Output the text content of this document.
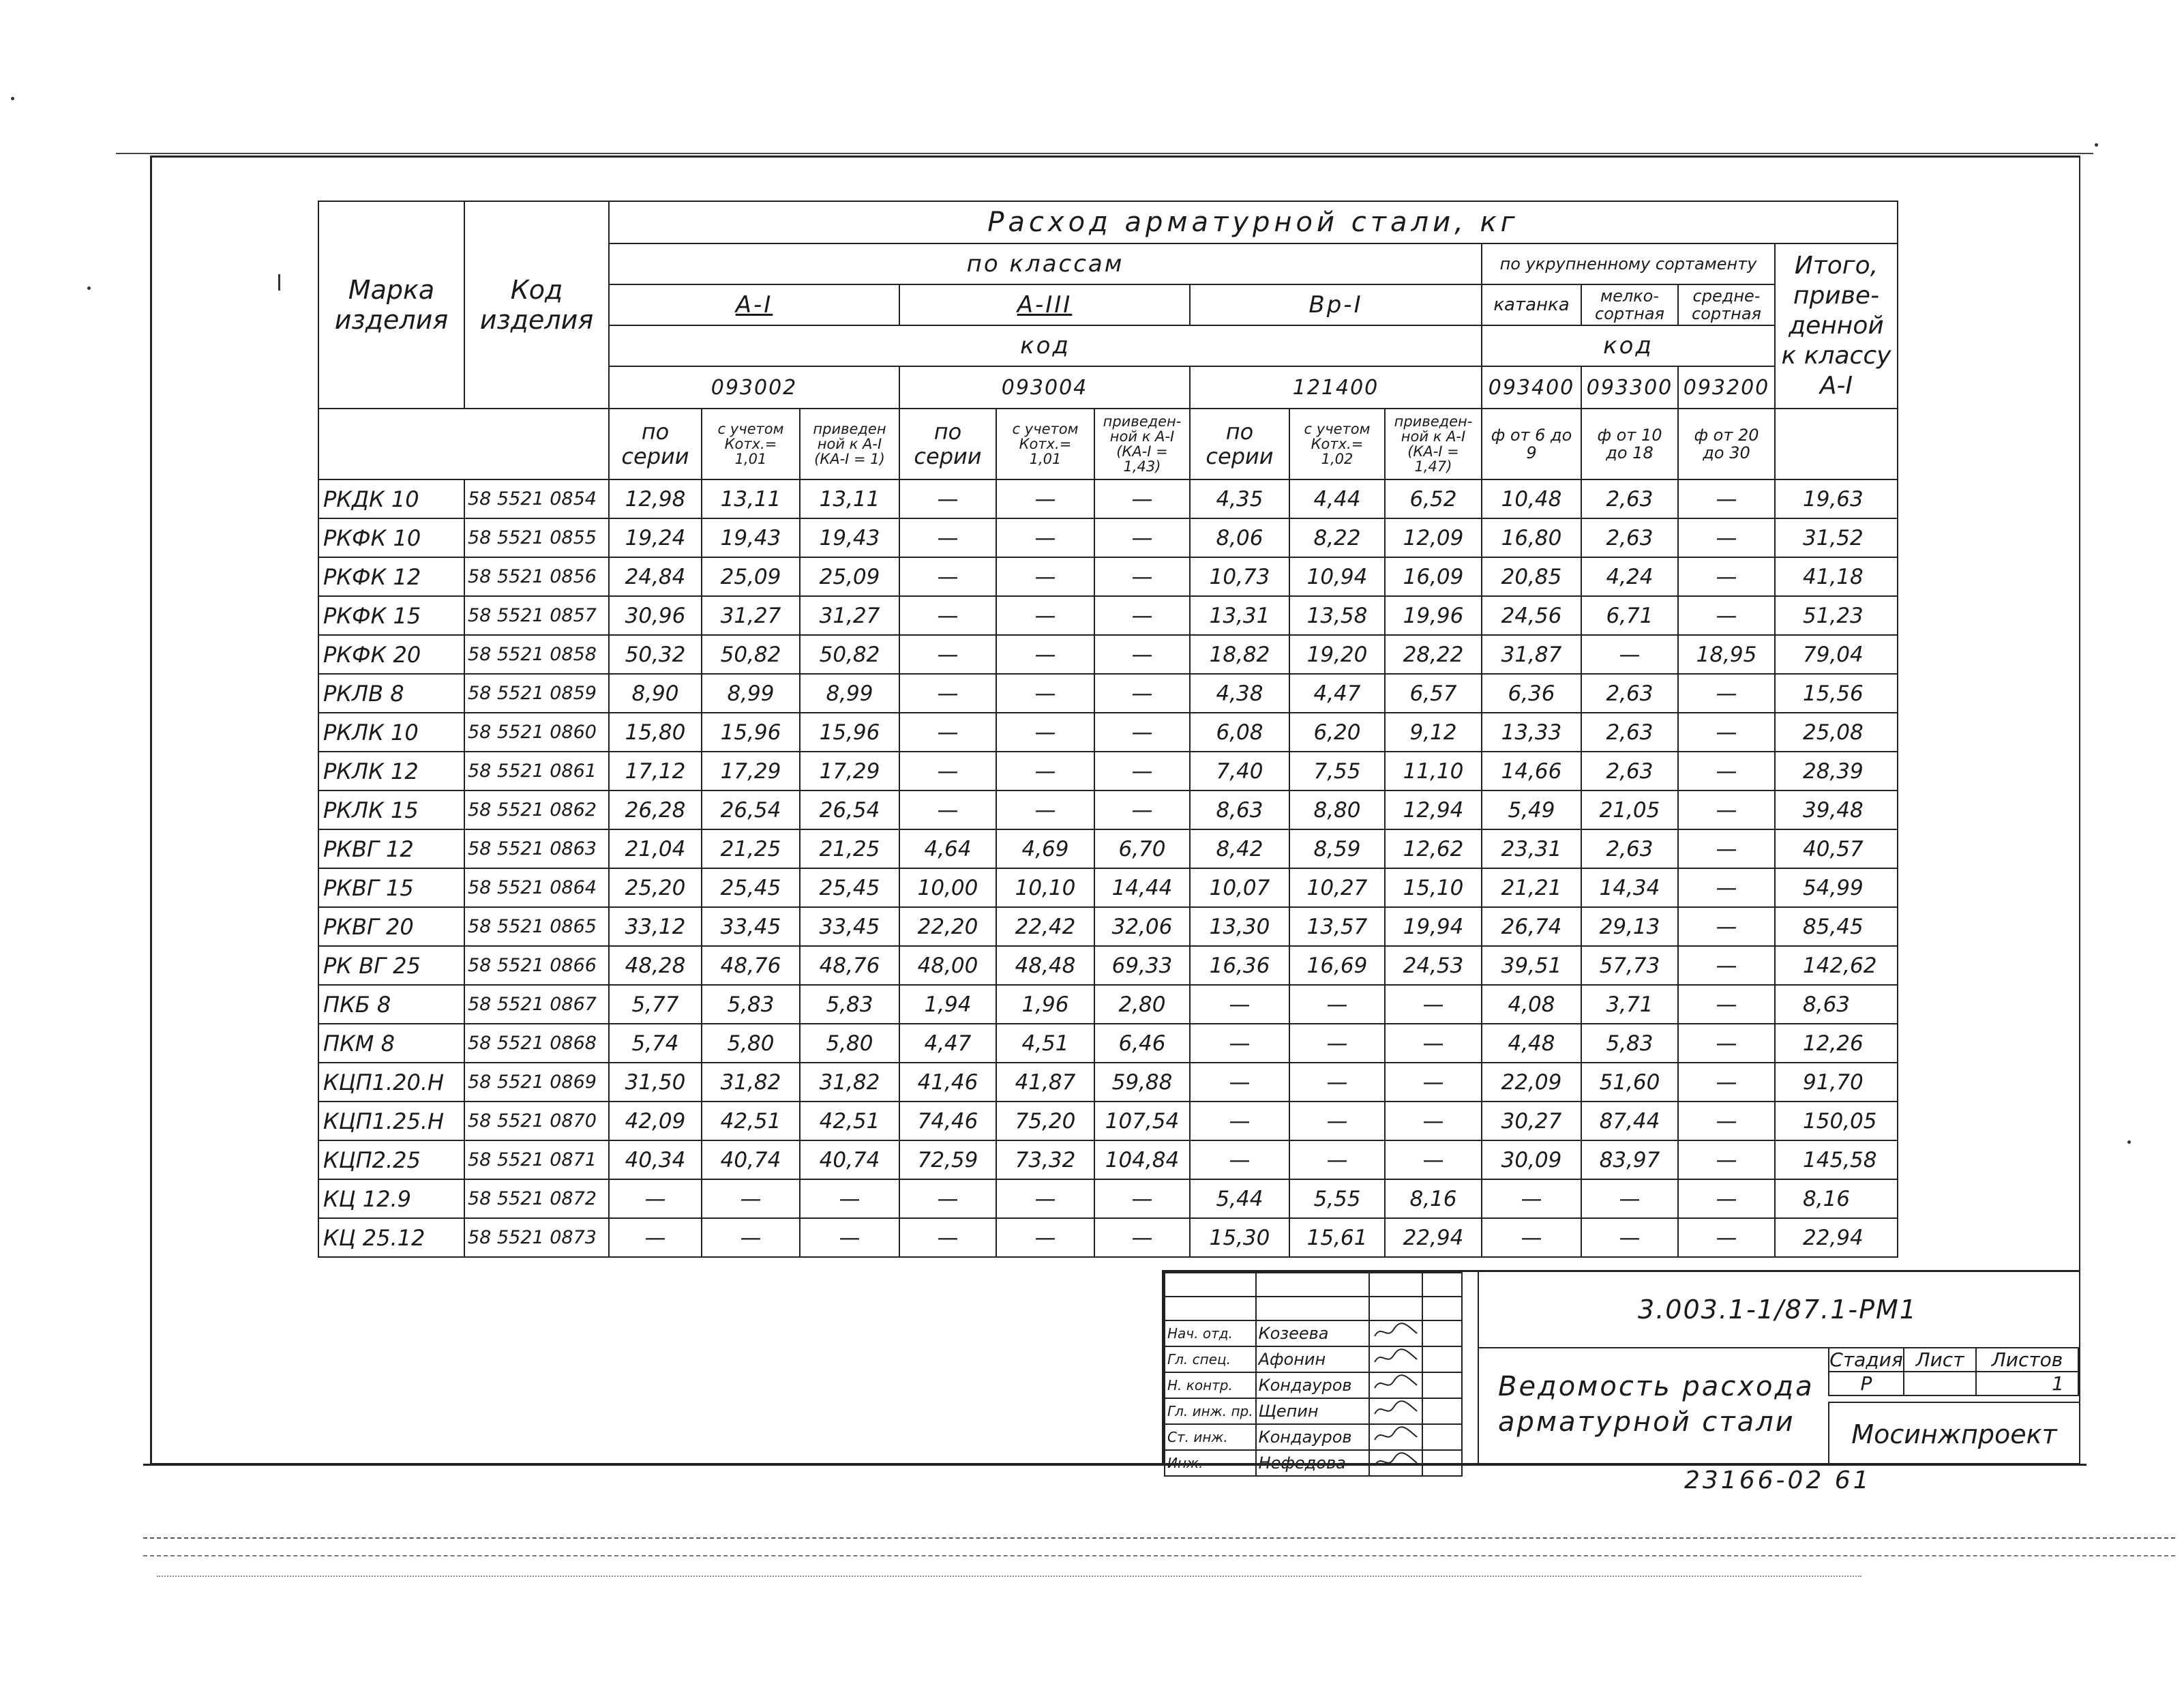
Марка изделия	Код изделия	Расход арматурной стали, кг												
		по классам									по укрупненному сортаменту			Итого, приве-денной к классу А-I
		А-I			А-III			Вр-I			катанка	мелко-сортная	средне-сортная	
		код									код			
		093002			093004			121400			093400	093300	093200	
		по серии	с учетом Котх.= 1,01	приведен ной к А-I (КА-I = 1)	по серии	с учетом Котх.= 1,01	приведен-ной к А-I (КА-I = 1,43)	по серии	с учетом Котх.= 1,02	приведен-ной к А-I (КА-I = 1,47)	ф от 6 до 9	ф от 10 до 18	ф от 20 до 30	
РКДК 10	58 5521 0854	12,98	13,11	13,11	—	—	—	4,35	4,44	6,52	10,48	2,63	—	19,63
РКФК 10	58 5521 0855	19,24	19,43	19,43	—	—	—	8,06	8,22	12,09	16,80	2,63	—	31,52
РКФК 12	58 5521 0856	24,84	25,09	25,09	—	—	—	10,73	10,94	16,09	20,85	4,24	—	41,18
РКФК 15	58 5521 0857	30,96	31,27	31,27	—	—	—	13,31	13,58	19,96	24,56	6,71	—	51,23
РКФК 20	58 5521 0858	50,32	50,82	50,82	—	—	—	18,82	19,20	28,22	31,87	—	18,95	79,04
РКЛВ 8	58 5521 0859	8,90	8,99	8,99	—	—	—	4,38	4,47	6,57	6,36	2,63	—	15,56
РКЛК 10	58 5521 0860	15,80	15,96	15,96	—	—	—	6,08	6,20	9,12	13,33	2,63	—	25,08
РКЛК 12	58 5521 0861	17,12	17,29	17,29	—	—	—	7,40	7,55	11,10	14,66	2,63	—	28,39
РКЛК 15	58 5521 0862	26,28	26,54	26,54	—	—	—	8,63	8,80	12,94	5,49	21,05	—	39,48
РКВГ 12	58 5521 0863	21,04	21,25	21,25	4,64	4,69	6,70	8,42	8,59	12,62	23,31	2,63	—	40,57
РКВГ 15	58 5521 0864	25,20	25,45	25,45	10,00	10,10	14,44	10,07	10,27	15,10	21,21	14,34	—	54,99
РКВГ 20	58 5521 0865	33,12	33,45	33,45	22,20	22,42	32,06	13,30	13,57	19,94	26,74	29,13	—	85,45
РК ВГ 25	58 5521 0866	48,28	48,76	48,76	48,00	48,48	69,33	16,36	16,69	24,53	39,51	57,73	—	142,62
ПКБ 8	58 5521 0867	5,77	5,83	5,83	1,94	1,96	2,80	—	—	—	4,08	3,71	—	8,63
ПКМ 8	58 5521 0868	5,74	5,80	5,80	4,47	4,51	6,46	—	—	—	4,48	5,83	—	12,26
КЦП1.20.Н	58 5521 0869	31,50	31,82	31,82	41,46	41,87	59,88	—	—	—	22,09	51,60	—	91,70
КЦП1.25.Н	58 5521 0870	42,09	42,51	42,51	74,46	75,20	107,54	—	—	—	30,27	87,44	—	150,05
КЦП2.25	58 5521 0871	40,34	40,74	40,74	72,59	73,32	104,84	—	—	—	30,09	83,97	—	145,58
КЦ 12.9	58 5521 0872	—	—	—	—	—	—	5,44	5,55	8,16	—	—	—	8,16
КЦ 25.12	58 5521 0873	—	—	—	—	—	—	15,30	15,61	22,94	—	—	—	22,94

Нач. отд.	Козеева		
Гл. спец.	Афонин		
Н. контр.	Кондауров		
Гл. инж. пр.	Щепин		
Ст. инж.	Кондауров		
Инж.	Нефедова		
3.003.1-1/87.1-РМ1
Ведомость расхода арматурной стали
Стадия	Лист	Листов
Р		1
Мосинжпроект
23166-02 61
